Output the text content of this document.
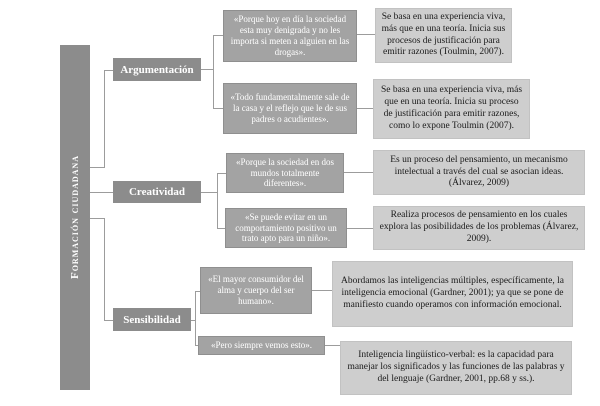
Formación ciudadana
Argumentación
Creatividad
Sensibilidad
«Porque hoy en día la sociedad esta muy denigrada y no les importa si meten a alguien en las drogas».
«Todo fundamentalmente sale de la casa y el reflejo que le de sus padres o acudientes».
«Porque la sociedad en dos mundos totalmente diferentes».
«Se puede evitar en un comportamiento positivo un trato apto para un niño».
«El mayor consumidor del alma y cuerpo del ser humano».
«Pero siempre vemos esto».
Se basa en una experiencia viva, más que en una teoría. Inicia sus procesos de justificación para emitir razones (Toulmin, 2007).
Se basa en una experiencia viva, más que en una teoría. Inicia su proceso de justificación para emitir razones, como lo expone Toulmin (2007).
Es un proceso del pensamiento, un mecanismo intelectual a través del cual se asocian ideas. (Álvarez, 2009)
Realiza procesos de pensamiento en los cuales explora las posibilidades de los problemas (Álvarez, 2009).
Abordamos las inteligencias múltiples, específicamente, la inteligencia emocional (Gardner, 2001); ya que se pone de manifiesto cuando operamos con información emocional.
Inteligencia lingüístico-verbal: es la capacidad para manejar los significados y las funciones de las palabras y del lenguaje (Gardner, 2001, pp.68 y ss.).
